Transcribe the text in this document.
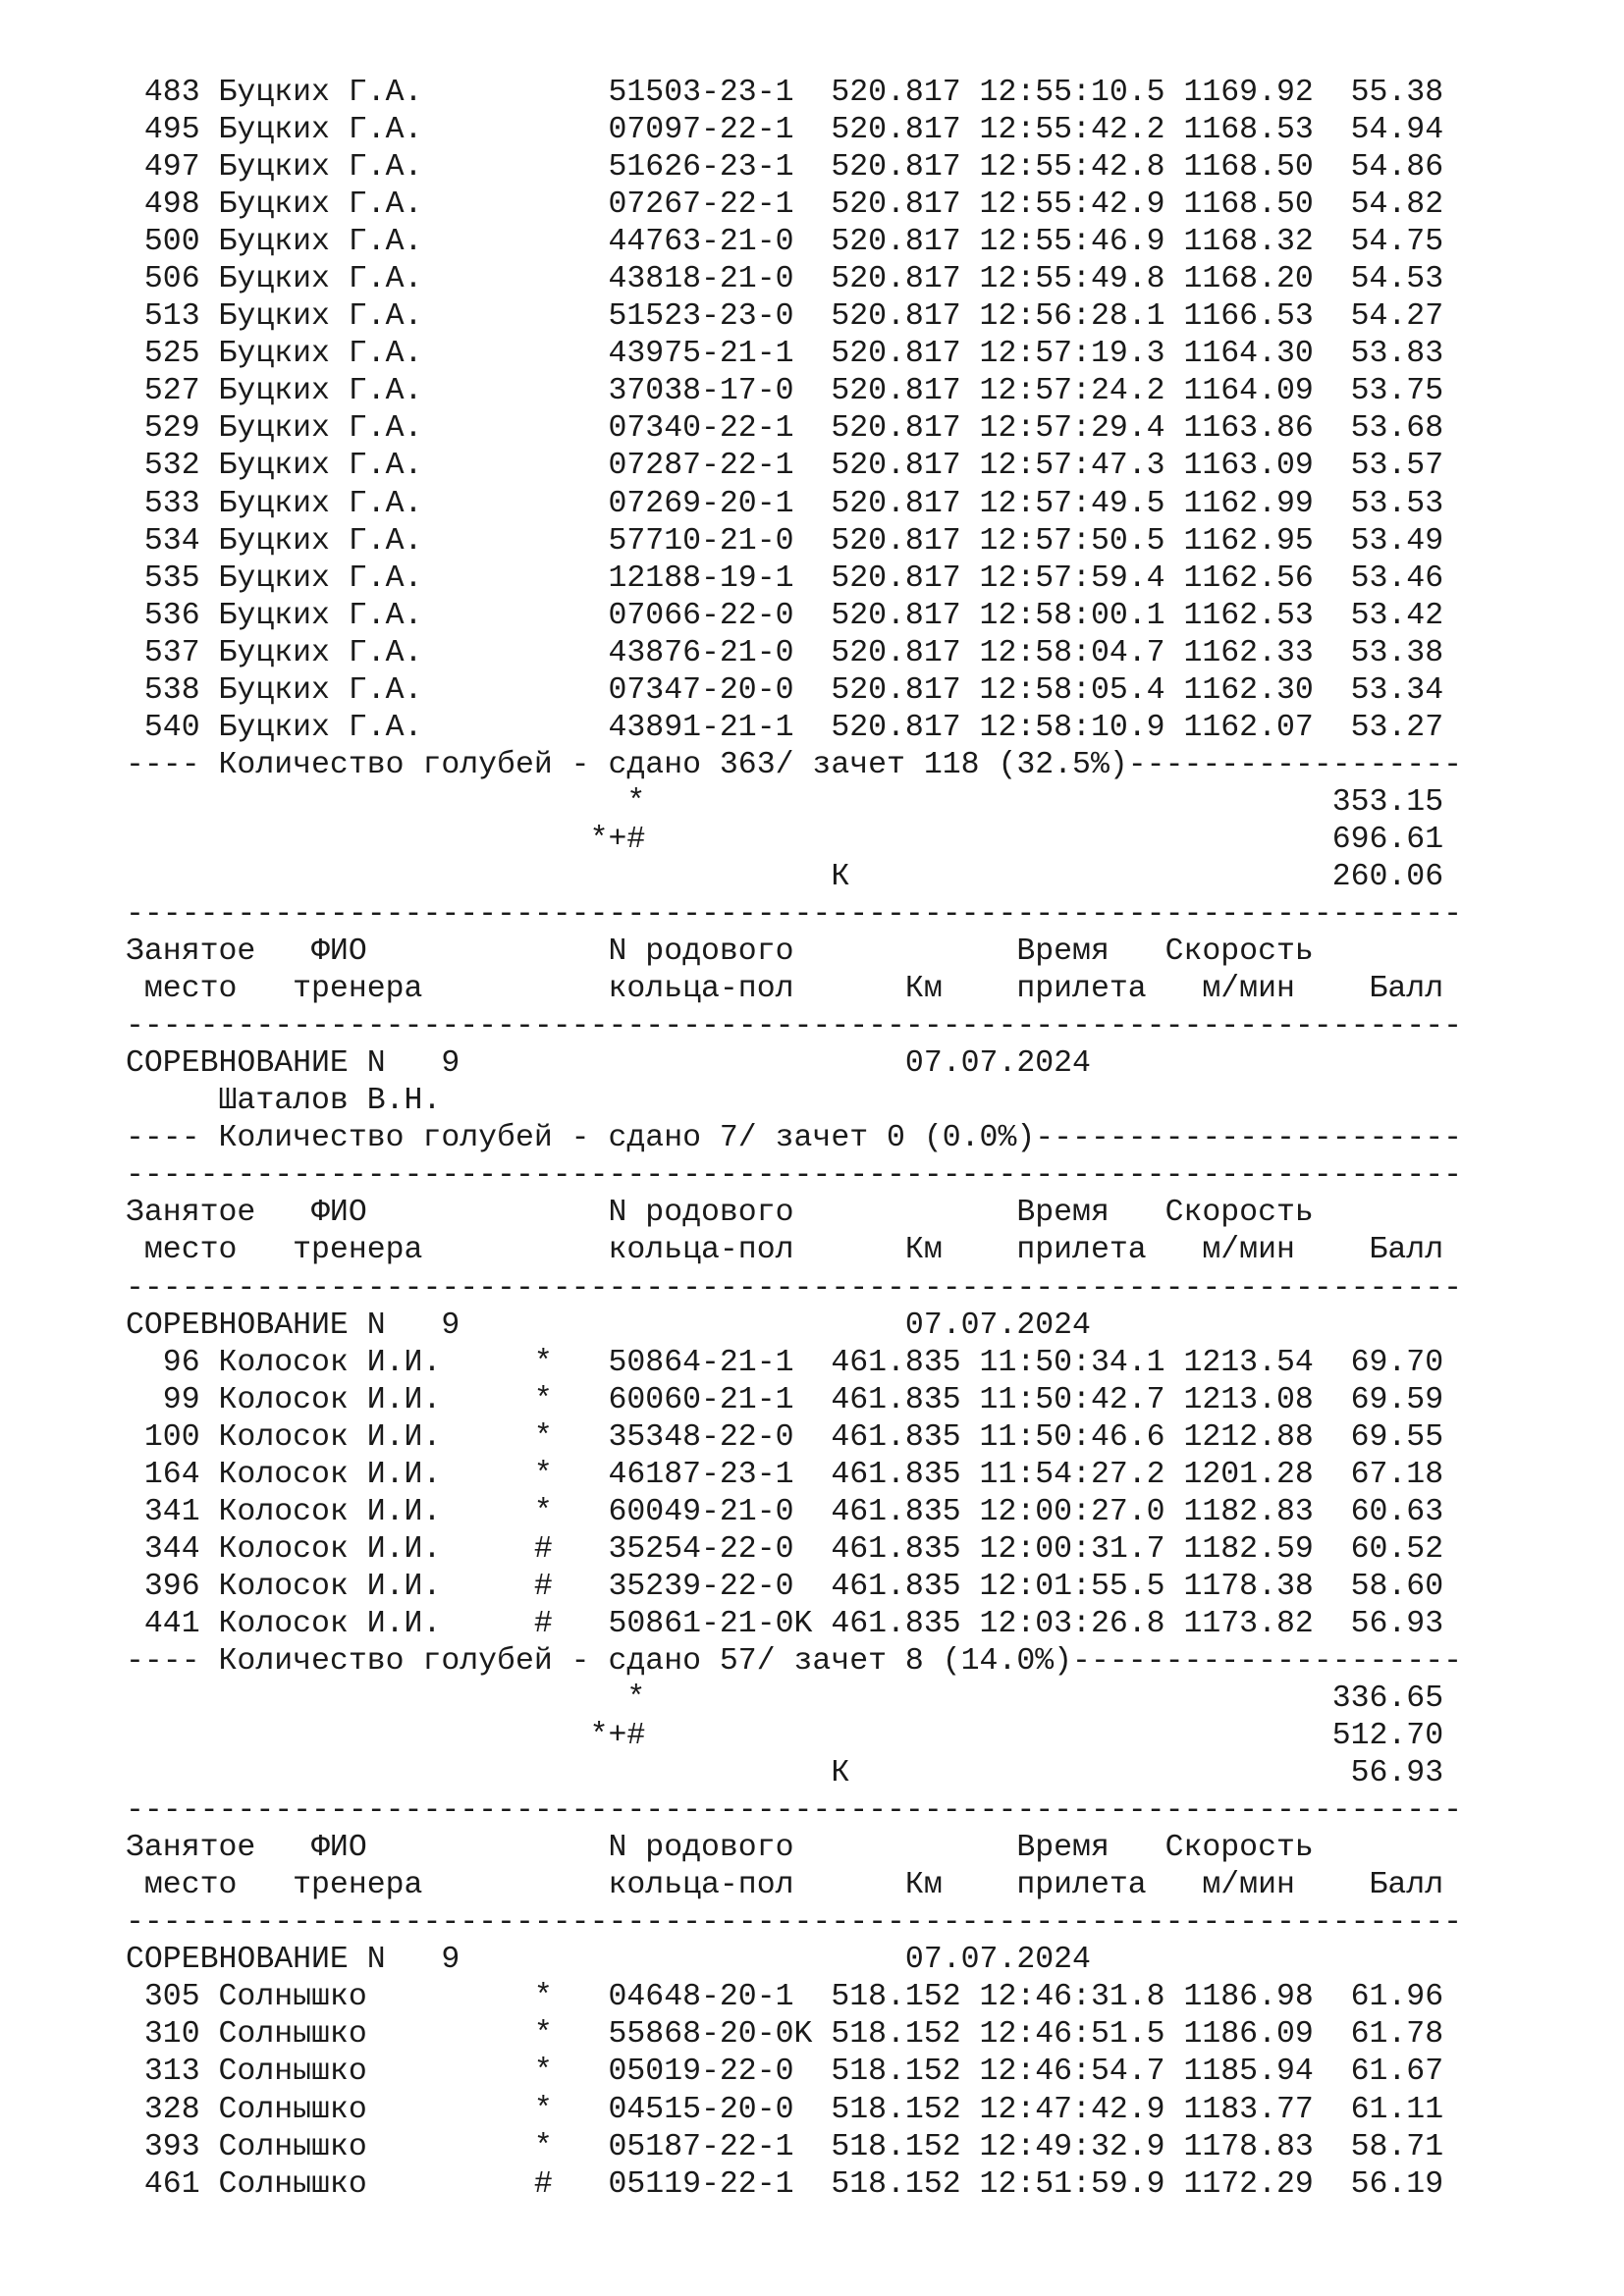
483 Буцких Г.А.          51503-23-1  520.817 12:55:10.5 1169.92  55.38
495 Буцких Г.А.          07097-22-1  520.817 12:55:42.2 1168.53  54.94
497 Буцких Г.А.          51626-23-1  520.817 12:55:42.8 1168.50  54.86
498 Буцких Г.А.          07267-22-1  520.817 12:55:42.9 1168.50  54.82
500 Буцких Г.А.          44763-21-0  520.817 12:55:46.9 1168.32  54.75
506 Буцких Г.А.          43818-21-0  520.817 12:55:49.8 1168.20  54.53
513 Буцких Г.А.          51523-23-0  520.817 12:56:28.1 1166.53  54.27
525 Буцких Г.А.          43975-21-1  520.817 12:57:19.3 1164.30  53.83
527 Буцких Г.А.          37038-17-0  520.817 12:57:24.2 1164.09  53.75
529 Буцких Г.А.          07340-22-1  520.817 12:57:29.4 1163.86  53.68
532 Буцких Г.А.          07287-22-1  520.817 12:57:47.3 1163.09  53.57
533 Буцких Г.А.          07269-20-1  520.817 12:57:49.5 1162.99  53.53
534 Буцких Г.А.          57710-21-0  520.817 12:57:50.5 1162.95  53.49
535 Буцких Г.А.          12188-19-1  520.817 12:57:59.4 1162.56  53.46
536 Буцких Г.А.          07066-22-0  520.817 12:58:00.1 1162.53  53.42
537 Буцких Г.А.          43876-21-0  520.817 12:58:04.7 1162.33  53.38
538 Буцких Г.А.          07347-20-0  520.817 12:58:05.4 1162.30  53.34
540 Буцких Г.А.          43891-21-1  520.817 12:58:10.9 1162.07  53.27
---- Количество голубей - сдано 363/ зачет 118 (32.5%)------------------
*                                     353.15
*+#                                     696.61
К                          260.06
------------------------------------------------------------------------
Занятое   ФИО             N родового            Время   Скорость
место   тренера          кольца-пол      Км    прилета   м/мин    Балл
------------------------------------------------------------------------
СОРЕВНОВАНИЕ N   9                        07.07.2024
Шаталов В.Н.
---- Количество голубей - сдано 7/ зачет 0 (0.0%)-----------------------
------------------------------------------------------------------------
Занятое   ФИО             N родового            Время   Скорость
место   тренера          кольца-пол      Км    прилета   м/мин    Балл
------------------------------------------------------------------------
СОРЕВНОВАНИЕ N   9                        07.07.2024
96 Колосок И.И.     *   50864-21-1  461.835 11:50:34.1 1213.54  69.70
99 Колосок И.И.     *   60060-21-1  461.835 11:50:42.7 1213.08  69.59
100 Колосок И.И.     *   35348-22-0  461.835 11:50:46.6 1212.88  69.55
164 Колосок И.И.     *   46187-23-1  461.835 11:54:27.2 1201.28  67.18
341 Колосок И.И.     *   60049-21-0  461.835 12:00:27.0 1182.83  60.63
344 Колосок И.И.     #   35254-22-0  461.835 12:00:31.7 1182.59  60.52
396 Колосок И.И.     #   35239-22-0  461.835 12:01:55.5 1178.38  58.60
441 Колосок И.И.     #   50861-21-0K 461.835 12:03:26.8 1173.82  56.93
---- Количество голубей - сдано 57/ зачет 8 (14.0%)---------------------
*                                     336.65
*+#                                     512.70
К                           56.93
------------------------------------------------------------------------
Занятое   ФИО             N родового            Время   Скорость
место   тренера          кольца-пол      Км    прилета   м/мин    Балл
------------------------------------------------------------------------
СОРЕВНОВАНИЕ N   9                        07.07.2024
305 Солнышко         *   04648-20-1  518.152 12:46:31.8 1186.98  61.96
310 Солнышко         *   55868-20-0K 518.152 12:46:51.5 1186.09  61.78
313 Солнышко         *   05019-22-0  518.152 12:46:54.7 1185.94  61.67
328 Солнышко         *   04515-20-0  518.152 12:47:42.9 1183.77  61.11
393 Солнышко         *   05187-22-1  518.152 12:49:32.9 1178.83  58.71
461 Солнышко         #   05119-22-1  518.152 12:51:59.9 1172.29  56.19
